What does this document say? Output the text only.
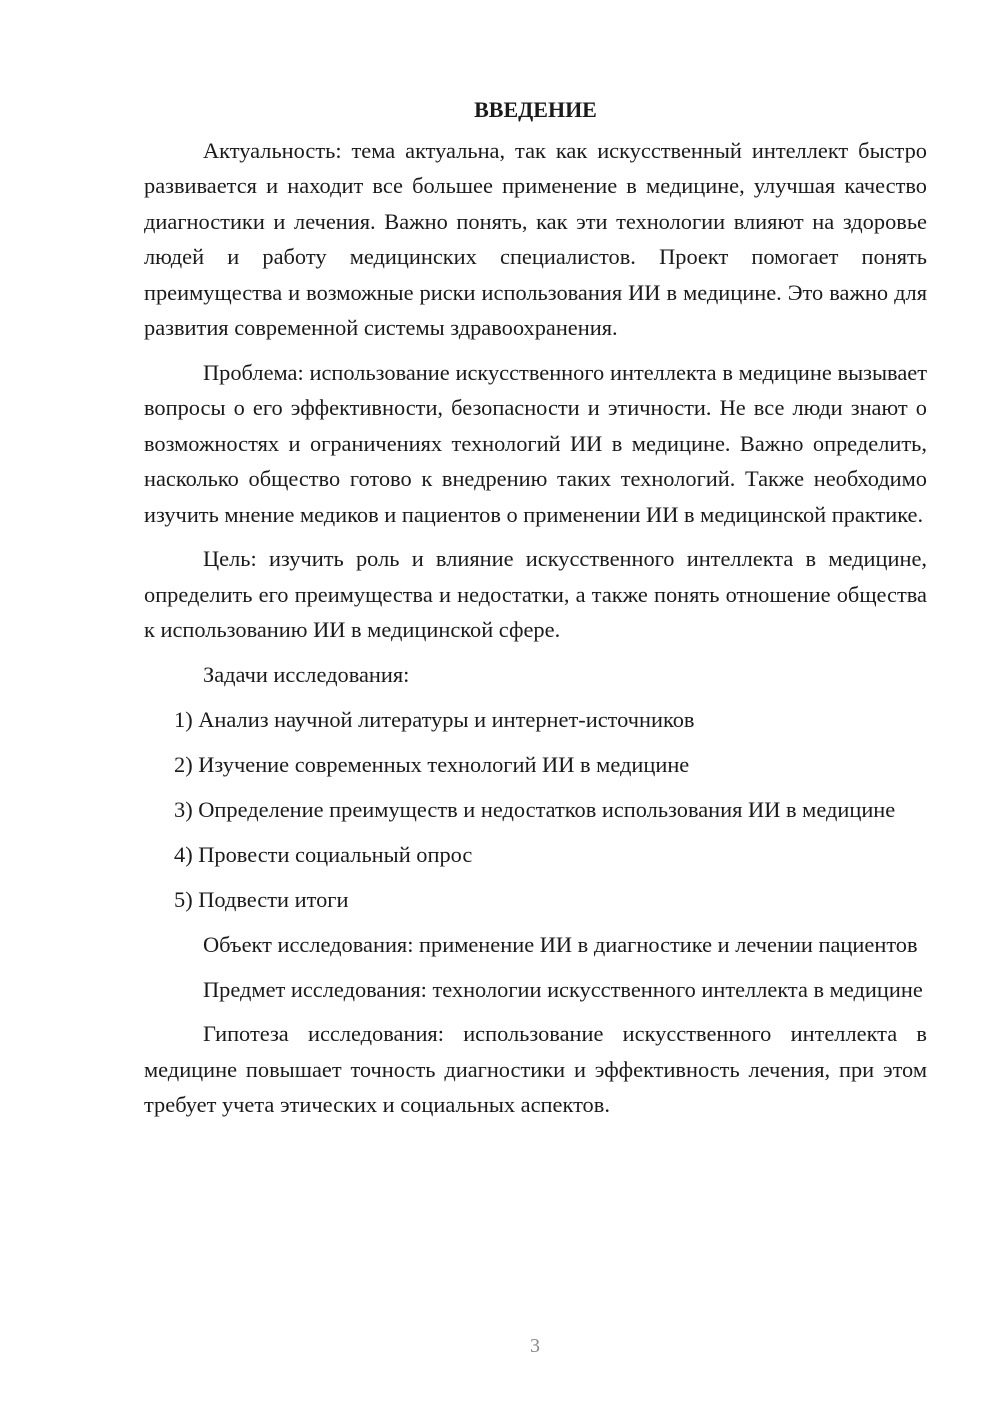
ВВЕДЕНИЕ

Актуальность: тема актуальна, так как искусственный интеллект быстро развивается и находит все большее применение в медицине, улучшая качество диагностики и лечения. Важно понять, как эти технологии влияют на здоровье людей и работу медицинских специалистов. Проект помогает понять преимущества и возможные риски использования ИИ в медицине. Это важно для развития современной системы здравоохранения.

Проблема: использование искусственного интеллекта в медицине вызывает вопросы о его эффективности, безопасности и этичности. Не все люди знают о возможностях и ограничениях технологий ИИ в медицине. Важно определить, насколько общество готово к внедрению таких технологий. Также необходимо изучить мнение медиков и пациентов о применении ИИ в медицинской практике.

Цель: изучить роль и влияние искусственного интеллекта в медицине, определить его преимущества и недостатки, а также понять отношение общества к использованию ИИ в медицинской сфере.

Задачи исследования:

1) Анализ научной литературы и интернет-источников

2) Изучение современных технологий ИИ в медицине

3) Определение преимуществ и недостатков использования ИИ в медицине

4) Провести социальный опрос

5) Подвести итоги

Объект исследования: применение ИИ в диагностике и лечении пациентов

Предмет исследования: технологии искусственного интеллекта в медицине

Гипотеза исследования: использование искусственного интеллекта в медицине повышает точность диагностики и эффективность лечения, при этом требует учета этических и социальных аспектов.

3
